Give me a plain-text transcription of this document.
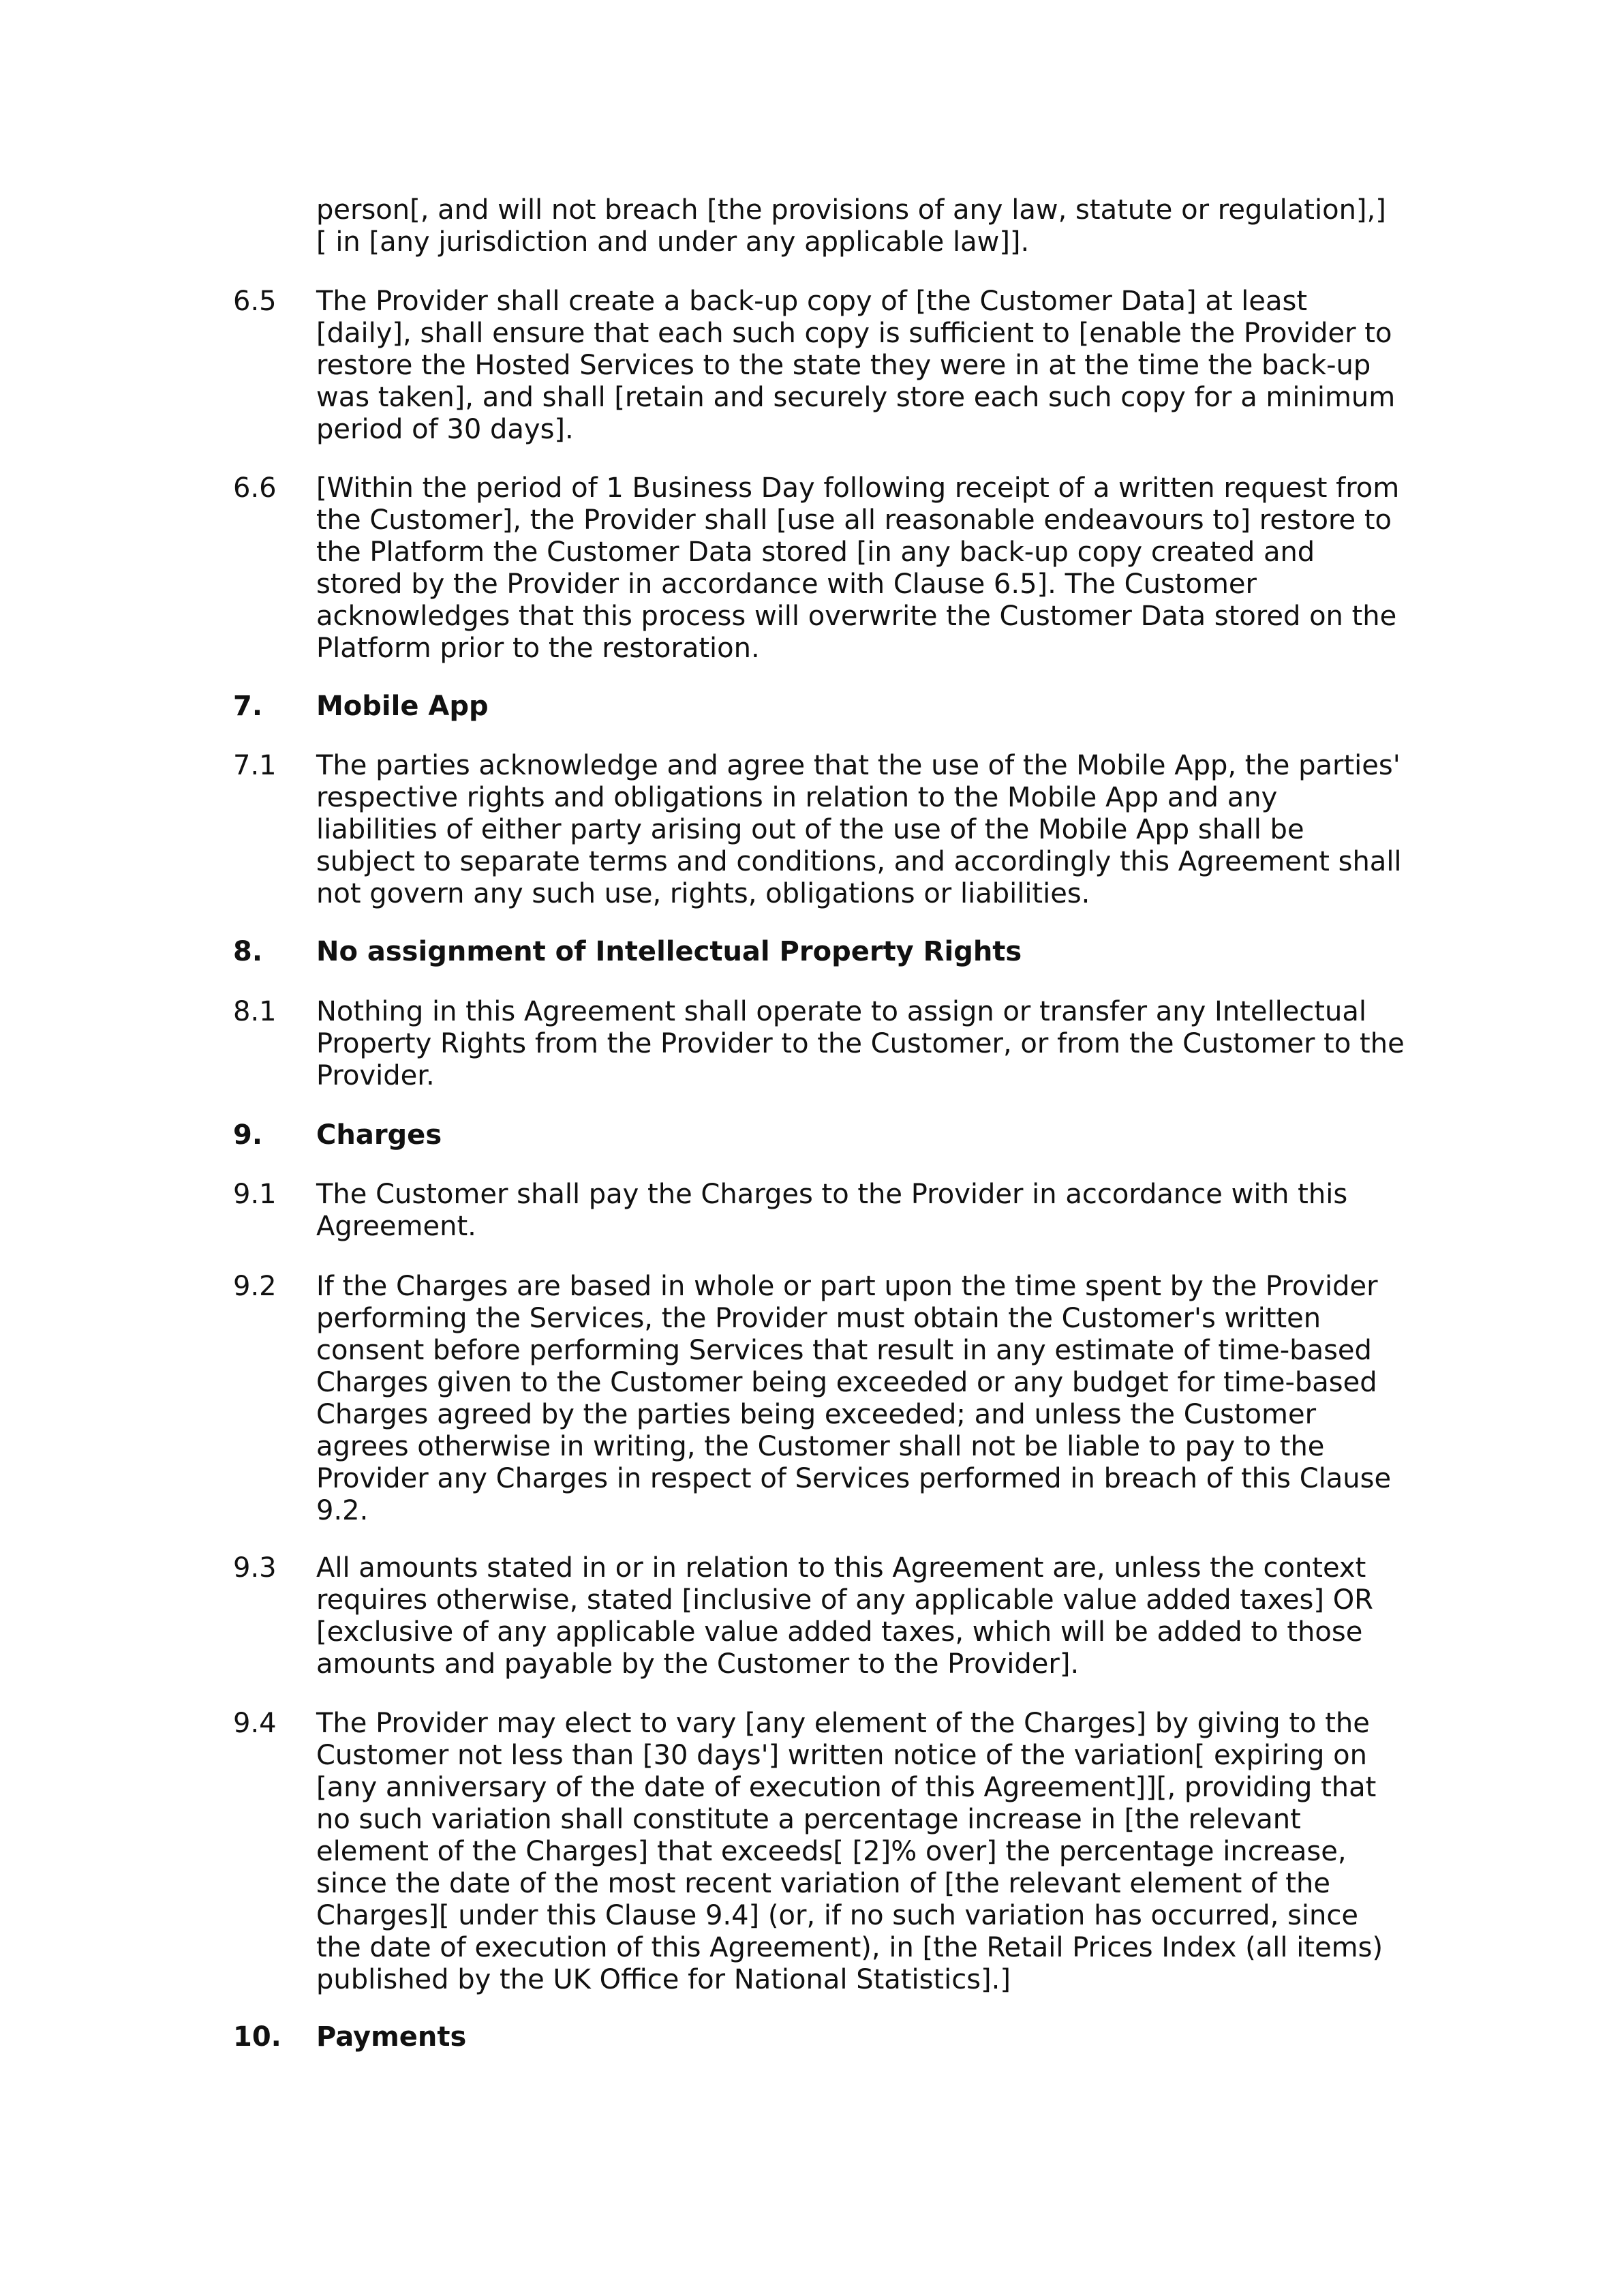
person[, and will not breach [the provisions of any law, statute or regulation],] [ in [any jurisdiction and under any applicable law]].
6.5	The Provider shall create a back-up copy of [the Customer Data] at least [daily], shall ensure that each such copy is sufficient to [enable the Provider to restore the Hosted Services to the state they were in at the time the back-up was taken], and shall [retain and securely store each such copy for a minimum period of 30 days].
6.6	[Within the period of 1 Business Day following receipt of a written request from the Customer], the Provider shall [use all reasonable endeavours to] restore to the Platform the Customer Data stored [in any back-up copy created and stored by the Provider in accordance with Clause 6.5]. The Customer acknowledges that this process will overwrite the Customer Data stored on the Platform prior to the restoration.
7.	Mobile App
7.1	The parties acknowledge and agree that the use of the Mobile App, the parties' respective rights and obligations in relation to the Mobile App and any liabilities of either party arising out of the use of the Mobile App shall be subject to separate terms and conditions, and accordingly this Agreement shall not govern any such use, rights, obligations or liabilities.
8.	No assignment of Intellectual Property Rights
8.1	Nothing in this Agreement shall operate to assign or transfer any Intellectual Property Rights from the Provider to the Customer, or from the Customer to the Provider.
9.	Charges
9.1	The Customer shall pay the Charges to the Provider in accordance with this Agreement.
9.2	If the Charges are based in whole or part upon the time spent by the Provider performing the Services, the Provider must obtain the Customer's written consent before performing Services that result in any estimate of time-based Charges given to the Customer being exceeded or any budget for time-based Charges agreed by the parties being exceeded; and unless the Customer agrees otherwise in writing, the Customer shall not be liable to pay to the Provider any Charges in respect of Services performed in breach of this Clause 9.2.
9.3	All amounts stated in or in relation to this Agreement are, unless the context requires otherwise, stated [inclusive of any applicable value added taxes] OR [exclusive of any applicable value added taxes, which will be added to those amounts and payable by the Customer to the Provider].
9.4	The Provider may elect to vary [any element of the Charges] by giving to the Customer not less than [30 days'] written notice of the variation[ expiring on [any anniversary of the date of execution of this Agreement]][, providing that no such variation shall constitute a percentage increase in [the relevant element of the Charges] that exceeds[ [2]% over] the percentage increase, since the date of the most recent variation of [the relevant element of the Charges][ under this Clause 9.4] (or, if no such variation has occurred, since the date of execution of this Agreement), in [the Retail Prices Index (all items) published by the UK Office for National Statistics].]
10.	Payments
